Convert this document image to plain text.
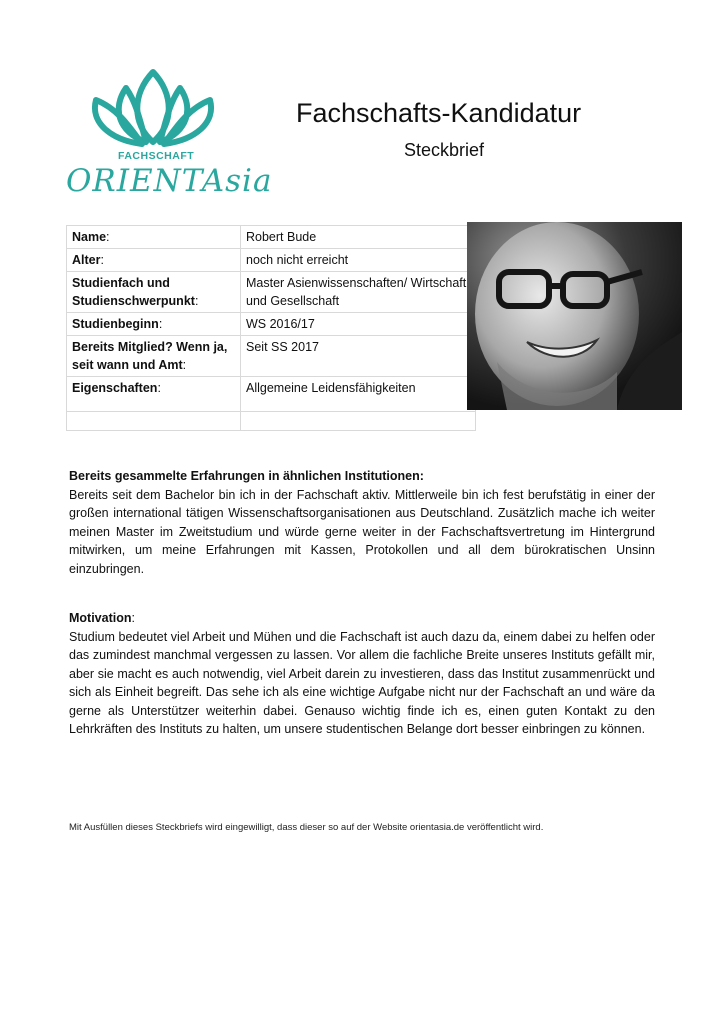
FACHSCHAFT
ORIENTAsia
Fachschafts-Kandidatur
Steckbrief
Name:	Robert Bude
Alter:	noch nicht erreicht
Studienfach und Studienschwerpunkt:	Master Asienwissenschaften/ Wirtschaft und Gesellschaft
Studienbeginn:	WS 2016/17
Bereits Mitglied? Wenn ja, seit wann und Amt:	Seit SS 2017
Eigenschaften:	Allgemeine Leidensfähigkeiten

Bereits gesammelte Erfahrungen in ähnlichen Institutionen:
Bereits seit dem Bachelor bin ich in der Fachschaft aktiv. Mittlerweile bin ich fest berufstätig in einer der großen international tätigen Wissenschaftsorganisationen aus Deutschland. Zusätzlich mache ich weiter meinen Master im Zweitstudium und würde gerne weiter in der Fachschaftsvertretung im Hintergrund mitwirken, um meine Erfahrungen mit Kassen, Protokollen und all dem bürokratischen Unsinn einzubringen.
Motivation:
Studium bedeutet viel Arbeit und Mühen und die Fachschaft ist auch dazu da, einem dabei zu helfen oder das zumindest manchmal vergessen zu lassen. Vor allem die fachliche Breite unseres Instituts gefällt mir, aber sie macht es auch notwendig, viel Arbeit darein zu investieren, dass das Institut zusammenrückt und sich als Einheit begreift. Das sehe ich als eine wichtige Aufgabe nicht nur der Fachschaft an und wäre da gerne als Unterstützer weiterhin dabei. Genauso wichtig finde ich es, einen guten Kontakt zu den Lehrkräften des Instituts zu halten, um unsere studentischen Belange dort besser einbringen zu können.
Mit Ausfüllen dieses Steckbriefs wird eingewilligt, dass dieser so auf der Website orientasia.de veröffentlicht wird.
